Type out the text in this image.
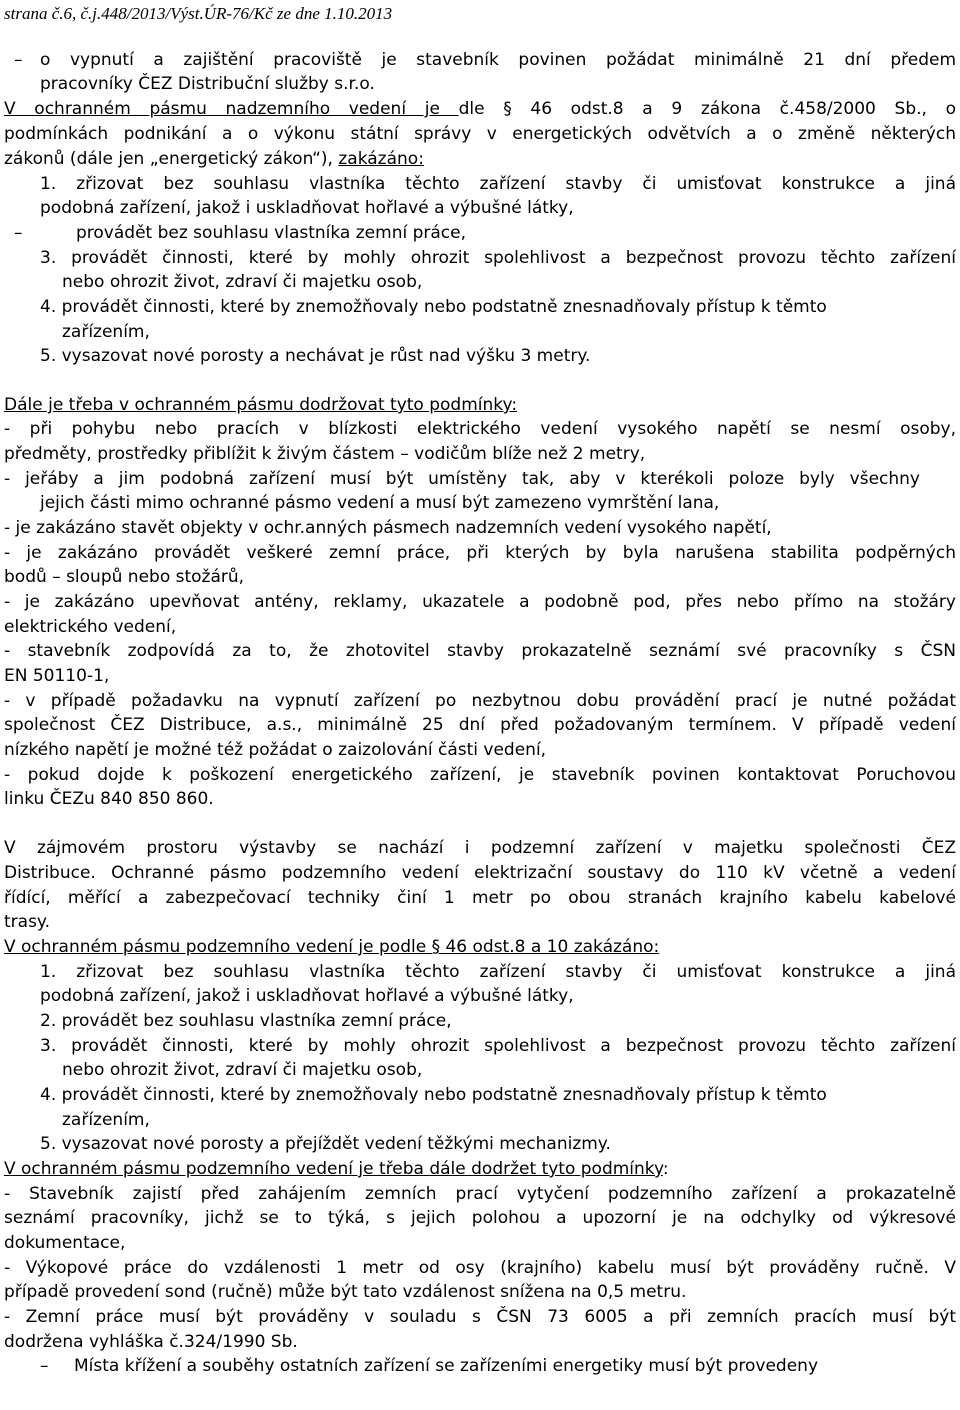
strana č.6, č.j.448/2013/Výst.ÚR-76/Kč ze dne 1.10.2013
– o vypnutí a zajištění pracoviště je stavebník povinen požádat minimálně 21 dní předem
pracovníky ČEZ Distribuční služby s.r.o.
V ochranném pásmu nadzemního vedení je dle § 46 odst.8 a 9 zákona č.458/2000 Sb., o
podmínkách podnikání a o výkonu státní správy v energetických odvětvích a o změně některých
zákonů (dále jen „energetický zákon“), zakázáno:
1. zřizovat bez souhlasu vlastníka těchto zařízení stavby či umisťovat konstrukce a jiná
podobná zařízení, jakož i uskladňovat hořlavé a výbušné látky,
–	provádět bez souhlasu vlastníka zemní práce,
3. provádět činnosti, které by mohly ohrozit spolehlivost a bezpečnost provozu těchto zařízení
nebo ohrozit život, zdraví či majetku osob,
4. provádět činnosti, které by znemožňovaly nebo podstatně znesnadňovaly přístup k těmto
zařízením,
5. vysazovat nové porosty a nechávat je růst nad výšku 3 metry.
Dále je třeba v ochranném pásmu dodržovat tyto podmínky:
- při pohybu nebo pracích v blízkosti elektrického vedení vysokého napětí se nesmí osoby,
předměty, prostředky přiblížit k živým částem – vodičům blíže než 2 metry,
- jeřáby a jim podobná zařízení musí být umístěny tak, aby v kterékoli poloze byly všechny
jejich části mimo ochranné pásmo vedení a musí být zamezeno vymrštění lana,
- je zakázáno stavět objekty v ochr.anných pásmech nadzemních vedení vysokého napětí,
- je zakázáno provádět veškeré zemní práce, při kterých by byla narušena stabilita podpěrných
bodů – sloupů nebo stožárů,
- je zakázáno upevňovat antény, reklamy, ukazatele a podobně pod, přes nebo přímo na stožáry
elektrického vedení,
- stavebník zodpovídá za to, že zhotovitel stavby prokazatelně seznámí své pracovníky s ČSN
EN 50110-1,
- v případě požadavku na vypnutí zařízení po nezbytnou dobu provádění prací je nutné požádat
společnost ČEZ Distribuce, a.s., minimálně 25 dní před požadovaným termínem. V případě vedení
nízkého napětí je možné též požádat o zaizolování části vedení,
- pokud dojde k poškození energetického zařízení, je stavebník povinen kontaktovat Poruchovou
linku ČEZu 840 850 860.
V zájmovém prostoru výstavby se nachází i podzemní zařízení v majetku společnosti ČEZ
Distribuce. Ochranné pásmo podzemního vedení elektrizační soustavy do 110 kV včetně a vedení
řídící, měřící a zabezpečovací techniky činí 1 metr po obou stranách krajního kabelu kabelové
trasy.
V ochranném pásmu podzemního vedení je podle § 46 odst.8 a 10 zakázáno:
1. zřizovat bez souhlasu vlastníka těchto zařízení stavby či umisťovat konstrukce a jiná
podobná zařízení, jakož i uskladňovat hořlavé a výbušné látky,
2. provádět bez souhlasu vlastníka zemní práce,
3. provádět činnosti, které by mohly ohrozit spolehlivost a bezpečnost provozu těchto zařízení
nebo ohrozit život, zdraví či majetku osob,
4. provádět činnosti, které by znemožňovaly nebo podstatně znesnadňovaly přístup k těmto
zařízením,
5. vysazovat nové porosty a přejíždět vedení těžkými mechanizmy.
V ochranném pásmu podzemního vedení je třeba dále dodržet tyto podmínky:
- Stavebník zajistí před zahájením zemních prací vytyčení podzemního zařízení a prokazatelně
seznámí pracovníky, jichž se to týká, s jejich polohou a upozorní je na odchylky od výkresové
dokumentace,
- Výkopové práce do vzdálenosti 1 metr od osy (krajního) kabelu musí být prováděny ručně. V
případě provedení sond (ručně) může být tato vzdálenost snížena na 0,5 metru.
- Zemní práce musí být prováděny v souladu s ČSN 73 6005 a při zemních pracích musí být
dodržena vyhláška č.324/1990 Sb.
– Místa křížení a souběhy ostatních zařízení se zařízeními energetiky musí být provedeny
